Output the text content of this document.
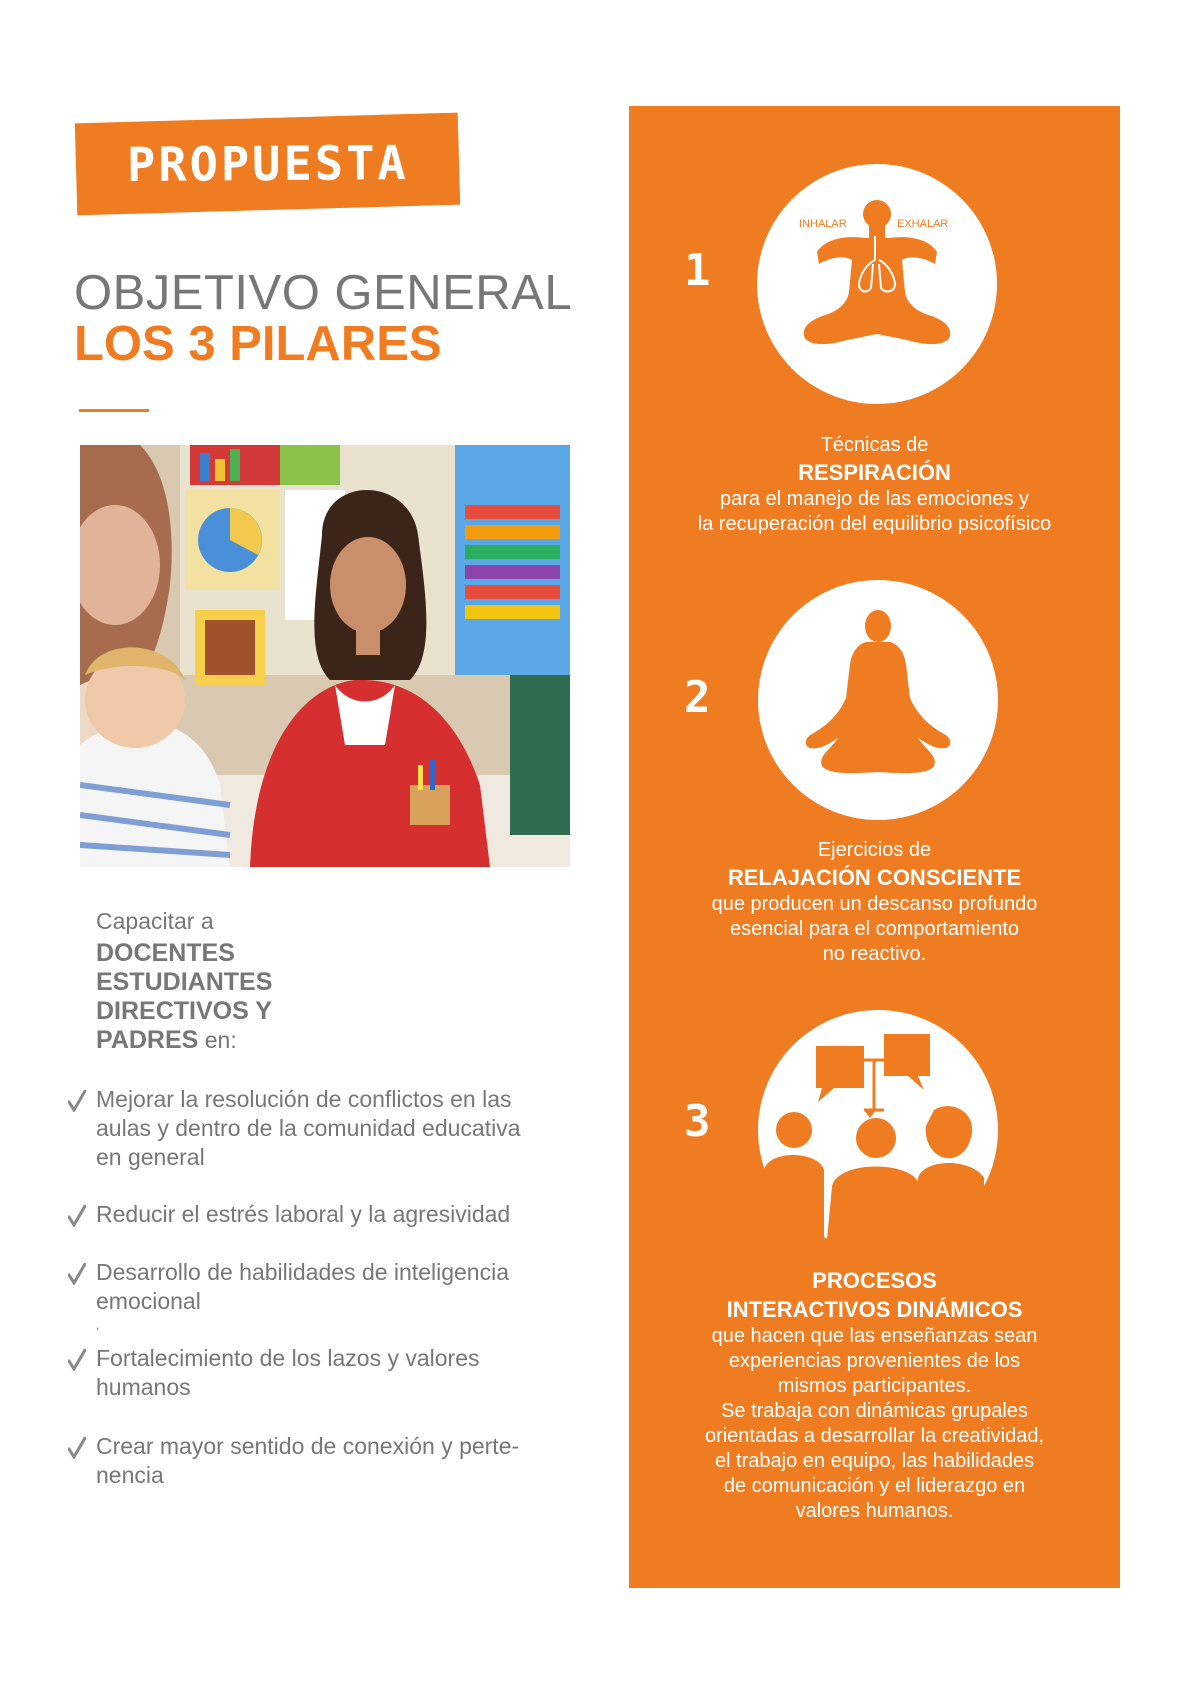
PROPUESTA
OBJETIVO GENERAL
LOS 3 PILARES
Capacitar a
DOCENTES
ESTUDIANTES
DIRECTIVOS Y
PADRES en:
Mejorar la resolución de conflictos en las
aulas y dentro de la comunidad educativa
en general
Reducir el estrés laboral y la agresividad
Desarrollo de habilidades de inteligencia
emocional
Fortalecimiento de los lazos y valores
humanos
Crear mayor sentido de conexión y perte-
nencia
,
1
INHALAR	EXHALAR
Técnicas de
RESPIRACIÓN
para el manejo de las emociones y
la recuperación del equilibrio psicofísico
2
Ejercicios de
RELAJACIÓN CONSCIENTE
que producen un descanso profundo
esencial para el comportamiento
no reactivo.
3
PROCESOS
INTERACTIVOS DINÁMICOS
que hacen que las enseñanzas sean
experiencias provenientes de los
mismos participantes.
Se trabaja con dinámicas grupales
orientadas a desarrollar la creatividad,
el trabajo en equipo, las habilidades
de comunicación y el liderazgo en
valores humanos.
